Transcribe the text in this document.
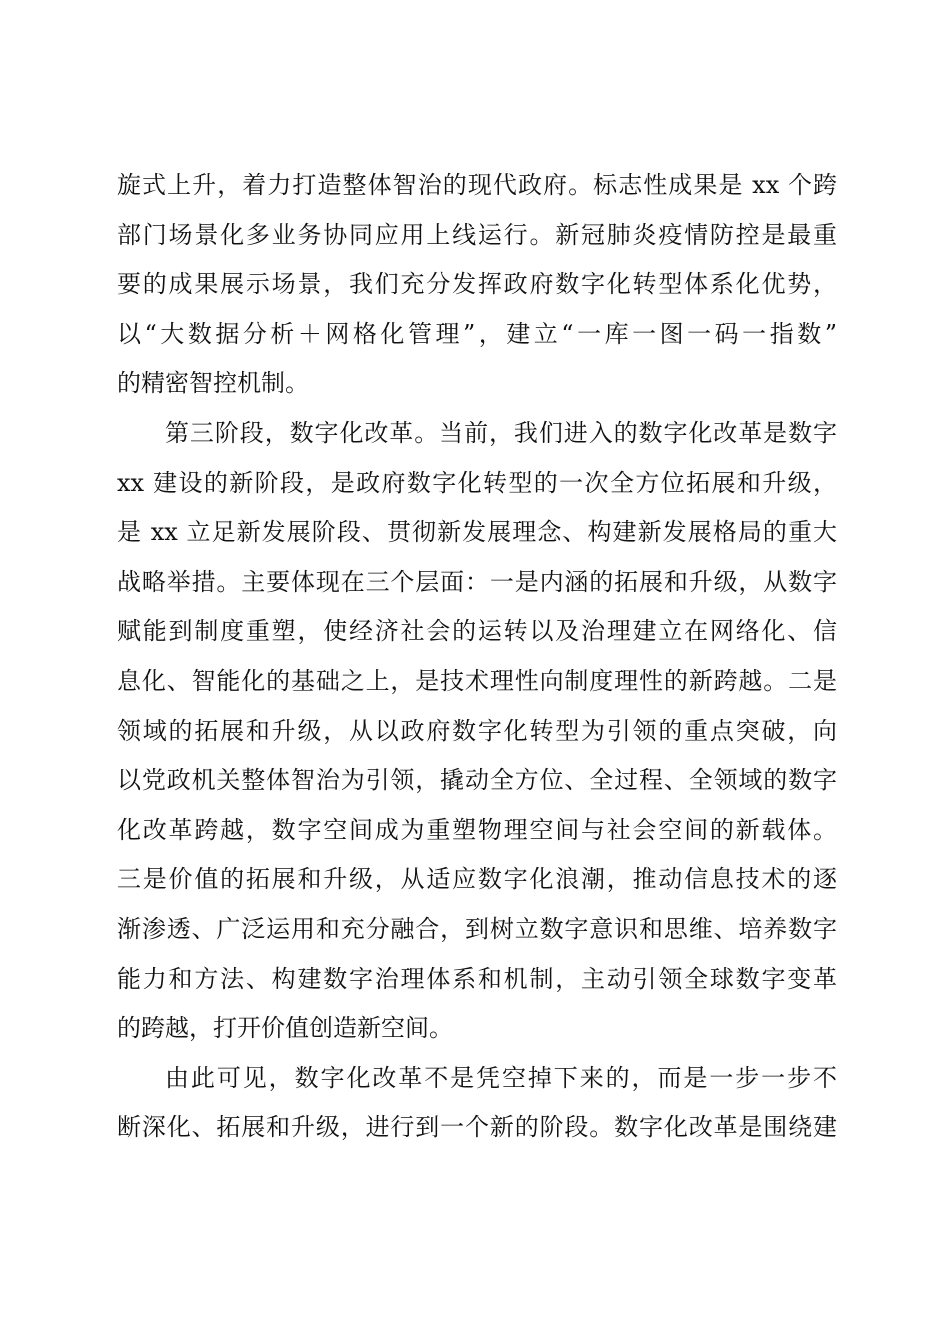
旋式上升，着力打造整体智治的现代政府。标志性成果是 xx 个跨
部门场景化多业务协同应用上线运行。新冠肺炎疫情防控是最重
要的成果展示场景，我们充分发挥政府数字化转型体系化优势，
以“大数据分析＋网格化管理”，建立“一库一图一码一指数”
的精密智控机制。
第三阶段，数字化改革。当前，我们进入的数字化改革是数字
xx 建设的新阶段，是政府数字化转型的一次全方位拓展和升级，
是 xx 立足新发展阶段、贯彻新发展理念、构建新发展格局的重大
战略举措。主要体现在三个层面：一是内涵的拓展和升级，从数字
赋能到制度重塑，使经济社会的运转以及治理建立在网络化、信
息化、智能化的基础之上，是技术理性向制度理性的新跨越。二是
领域的拓展和升级，从以政府数字化转型为引领的重点突破，向
以党政机关整体智治为引领，撬动全方位、全过程、全领域的数字
化改革跨越，数字空间成为重塑物理空间与社会空间的新载体。
三是价值的拓展和升级，从适应数字化浪潮，推动信息技术的逐
渐渗透、广泛运用和充分融合，到树立数字意识和思维、培养数字
能力和方法、构建数字治理体系和机制，主动引领全球数字变革
的跨越，打开价值创造新空间。
由此可见，数字化改革不是凭空掉下来的，而是一步一步不
断深化、拓展和升级，进行到一个新的阶段。数字化改革是围绕建
